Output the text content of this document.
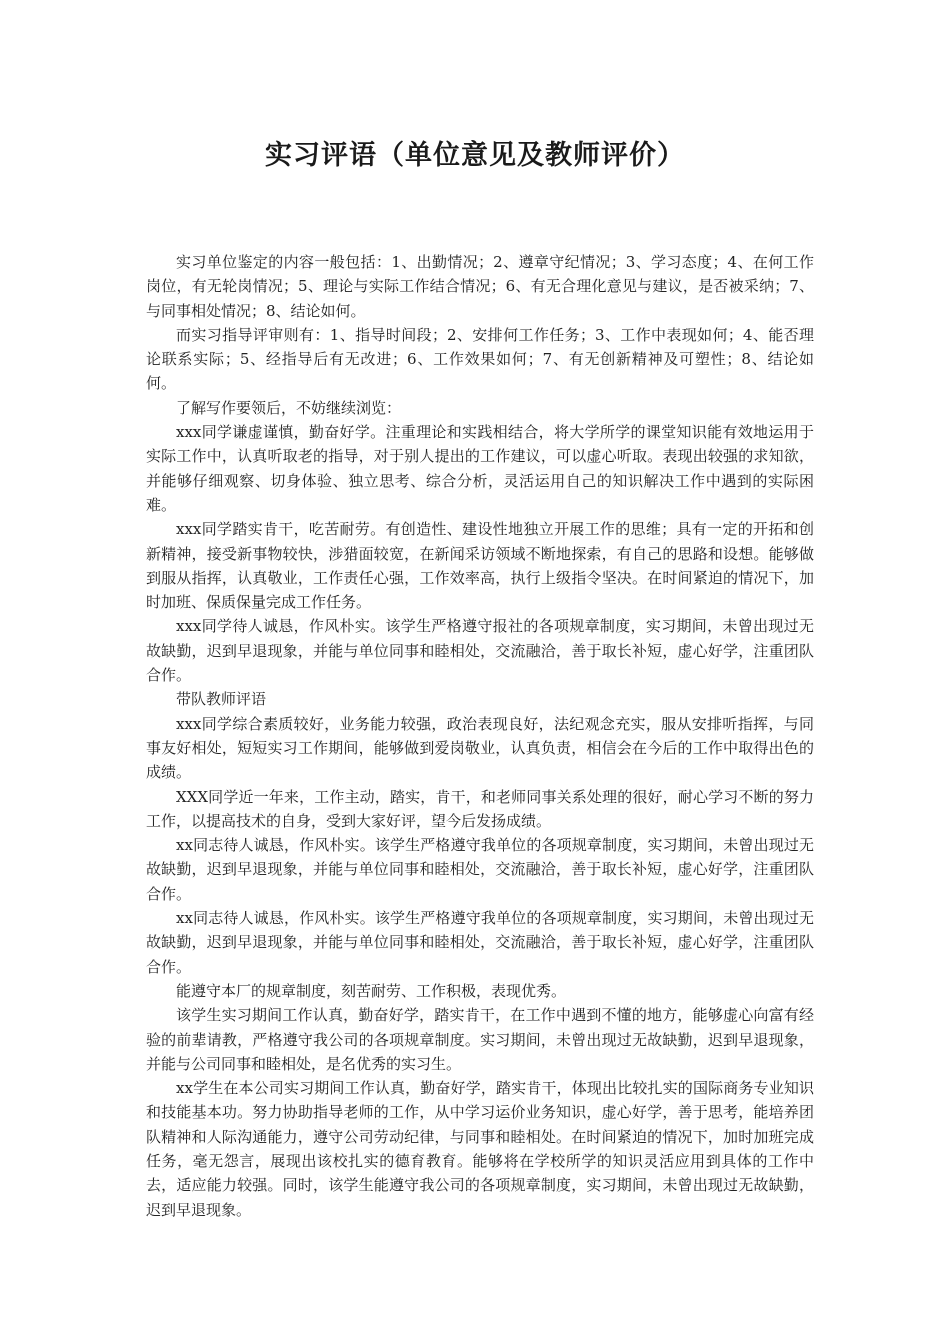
实习评语（单位意见及教师评价）

实习单位鉴定的内容一般包括：1、出勤情况；2、遵章守纪情况；3、学习态度；4、在何工作岗位，有无轮岗情况；5、理论与实际工作结合情况；6、有无合理化意见与建议，是否被采纳；7、与同事相处情况；8、结论如何。

而实习指导评审则有：1、指导时间段；2、安排何工作任务；3、工作中表现如何；4、能否理论联系实际；5、经指导后有无改进；6、工作效果如何；7、有无创新精神及可塑性；8、结论如何。

了解写作要领后，不妨继续浏览：

xxx同学谦虚谨慎，勤奋好学。注重理论和实践相结合，将大学所学的课堂知识能有效地运用于实际工作中，认真听取老的指导，对于别人提出的工作建议，可以虚心听取。表现出较强的求知欲，并能够仔细观察、切身体验、独立思考、综合分析，灵活运用自己的知识解决工作中遇到的实际困难。

xxx同学踏实肯干，吃苦耐劳。有创造性、建设性地独立开展工作的思维；具有一定的开拓和创新精神，接受新事物较快，涉猎面较宽，在新闻采访领域不断地探索，有自己的思路和设想。能够做到服从指挥，认真敬业，工作责任心强，工作效率高，执行上级指令坚决。在时间紧迫的情况下，加时加班、保质保量完成工作任务。

xxx同学待人诚恳，作风朴实。该学生严格遵守报社的各项规章制度，实习期间，未曾出现过无故缺勤，迟到早退现象，并能与单位同事和睦相处，交流融洽，善于取长补短，虚心好学，注重团队合作。

带队教师评语

xxx同学综合素质较好，业务能力较强，政治表现良好，法纪观念充实，服从安排听指挥，与同事友好相处，短短实习工作期间，能够做到爱岗敬业，认真负责，相信会在今后的工作中取得出色的成绩。

XXX同学近一年来，工作主动，踏实，肯干，和老师同事关系处理的很好，耐心学习不断的努力工作，以提高技术的自身，受到大家好评，望今后发扬成绩。

xx同志待人诚恳，作风朴实。该学生严格遵守我单位的各项规章制度，实习期间，未曾出现过无故缺勤，迟到早退现象，并能与单位同事和睦相处，交流融洽，善于取长补短，虚心好学，注重团队合作。

xx同志待人诚恳，作风朴实。该学生严格遵守我单位的各项规章制度，实习期间，未曾出现过无故缺勤，迟到早退现象，并能与单位同事和睦相处，交流融洽，善于取长补短，虚心好学，注重团队合作。

能遵守本厂的规章制度，刻苦耐劳、工作积极，表现优秀。

该学生实习期间工作认真，勤奋好学，踏实肯干，在工作中遇到不懂的地方，能够虚心向富有经验的前辈请教，严格遵守我公司的各项规章制度。实习期间，未曾出现过无故缺勤，迟到早退现象，并能与公司同事和睦相处，是名优秀的实习生。

xx学生在本公司实习期间工作认真，勤奋好学，踏实肯干，体现出比较扎实的国际商务专业知识和技能基本功。努力协助指导老师的工作，从中学习运价业务知识，虚心好学，善于思考，能培养团队精神和人际沟通能力，遵守公司劳动纪律，与同事和睦相处。在时间紧迫的情况下，加时加班完成任务，毫无怨言，展现出该校扎实的德育教育。能够将在学校所学的知识灵活应用到具体的工作中去，适应能力较强。同时，该学生能遵守我公司的各项规章制度，实习期间，未曾出现过无故缺勤，迟到早退现象。
